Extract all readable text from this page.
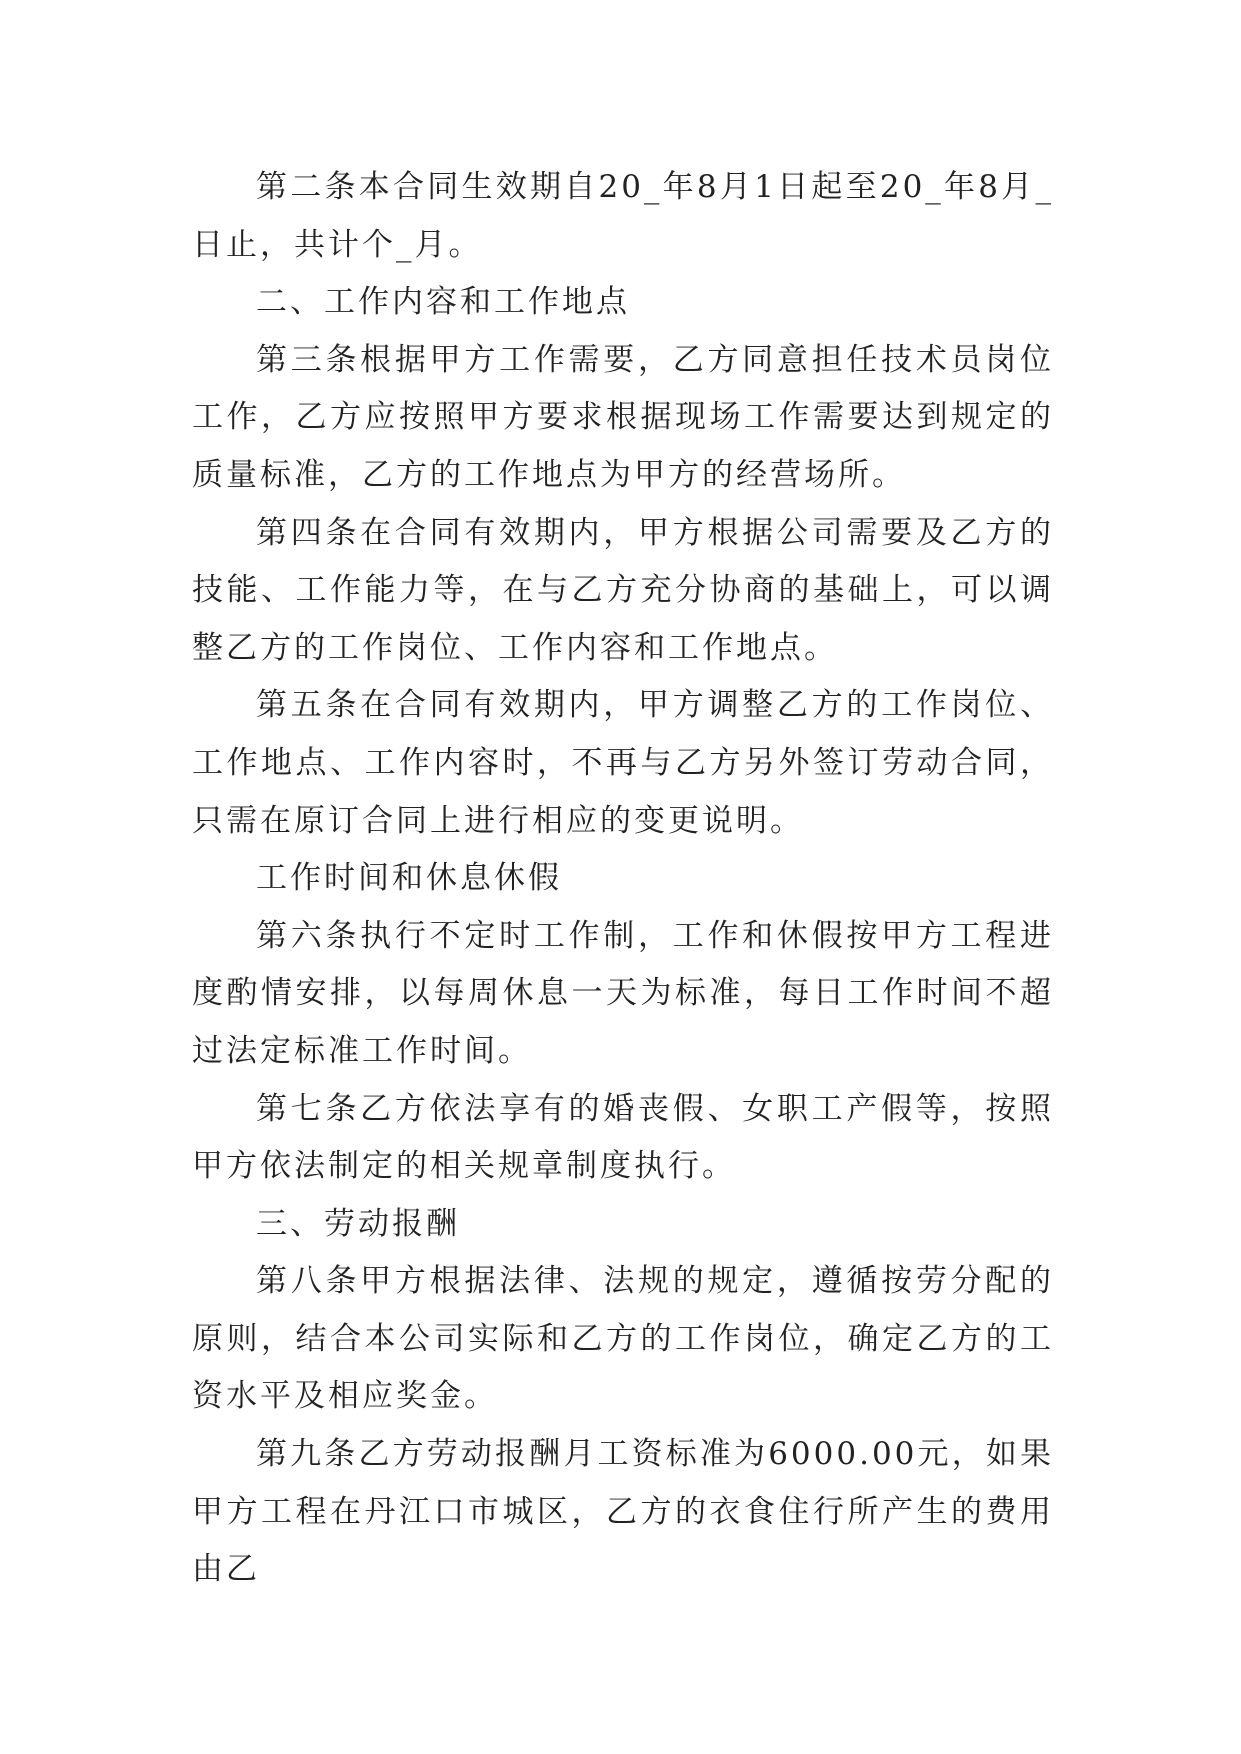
第二条本合同生效期自20_年8月1日起至20_年8月_日止，共计个_月。

二、工作内容和工作地点

第三条根据甲方工作需要，乙方同意担任技术员岗位工作，乙方应按照甲方要求根据现场工作需要达到规定的质量标准，乙方的工作地点为甲方的经营场所。

第四条在合同有效期内，甲方根据公司需要及乙方的技能、工作能力等，在与乙方充分协商的基础上，可以调整乙方的工作岗位、工作内容和工作地点。

第五条在合同有效期内，甲方调整乙方的工作岗位、工作地点、工作内容时，不再与乙方另外签订劳动合同，只需在原订合同上进行相应的变更说明。

工作时间和休息休假

第六条执行不定时工作制，工作和休假按甲方工程进度酌情安排，以每周休息一天为标准，每日工作时间不超过法定标准工作时间。

第七条乙方依法享有的婚丧假、女职工产假等，按照甲方依法制定的相关规章制度执行。

三、劳动报酬

第八条甲方根据法律、法规的规定，遵循按劳分配的原则，结合本公司实际和乙方的工作岗位，确定乙方的工资水平及相应奖金。

第九条乙方劳动报酬月工资标准为6000.00元，如果甲方工程在丹江口市城区，乙方的衣食住行所产生的费用由乙
